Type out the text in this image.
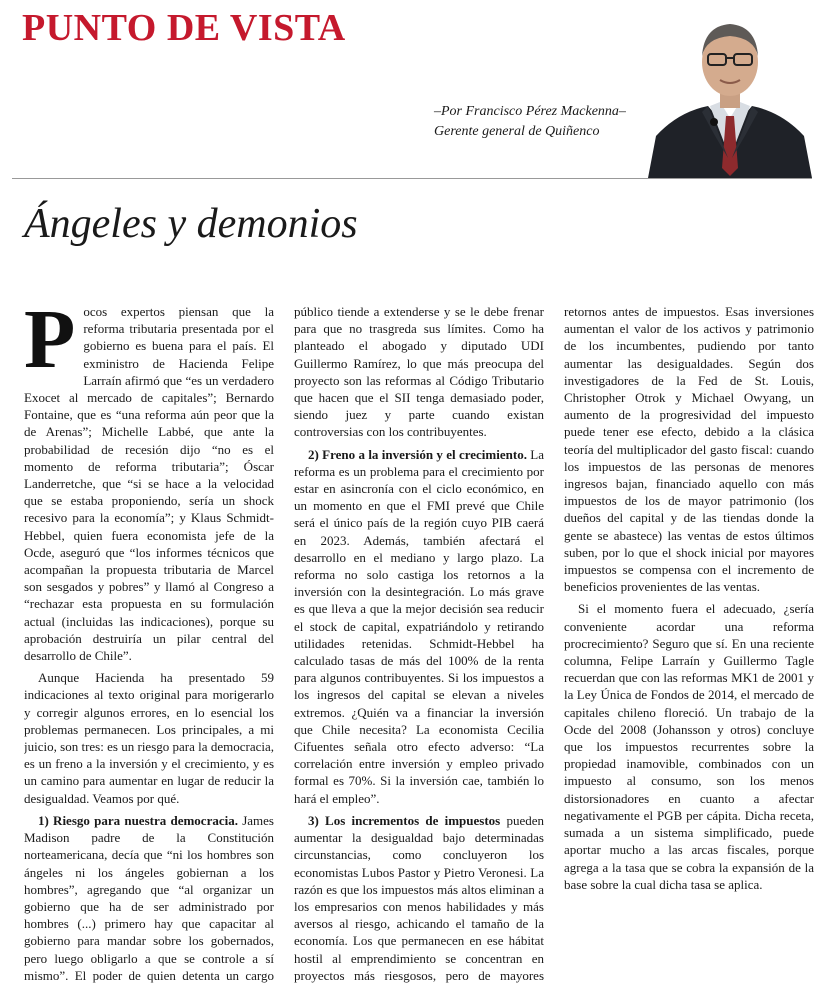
PUNTO DE VISTA
–Por Francisco Pérez Mackenna–
Gerente general de Quiñenco
Ángeles y demonios

Pocos expertos piensan que la reforma tributaria presentada por el gobierno es buena para el país. El exministro de Hacienda Felipe Larraín afirmó que “es un verdadero Exocet al mercado de capitales”; Bernardo Fontaine, que es “una reforma aún peor que la de Arenas”; Michelle Labbé, que ante la probabilidad de recesión dijo “no es el momento de reforma tributaria”; Óscar Landerretche, que “si se hace a la velocidad que se estaba proponiendo, sería un shock recesivo para la economía”; y Klaus Schmidt-Hebbel, quien fuera economista jefe de la Ocde, aseguró que “los informes técnicos que acompañan la propuesta tributaria de Marcel son sesgados y pobres” y llamó al Congreso a “rechazar esta propuesta en su formulación actual (incluidas las indicaciones), porque su aprobación destruiría un pilar central del desarrollo de Chile”.

Aunque Hacienda ha presentado 59 indicaciones al texto original para morigerarlo y corregir algunos errores, en lo esencial los problemas permanecen. Los principales, a mi juicio, son tres: es un riesgo para la democracia, es un freno a la inversión y el crecimiento, y es un camino para aumentar en lugar de reducir la desigualdad. Veamos por qué.

1) Riesgo para nuestra democracia. James Madison padre de la Constitución norteamericana, decía que “ni los hombres son ángeles ni los ángeles gobiernan a los hombres”, agregando que “al organizar un gobierno que ha de ser administrado por hombres (...) primero hay que capacitar al gobierno para mandar sobre los gobernados, pero luego obligarlo a que se controle a sí mismo”. El poder de quien detenta un cargo público tiende a extenderse y se le debe frenar para que no trasgreda sus límites. Como ha planteado el abogado y diputado UDI Guillermo Ramírez, lo que más preocupa del proyecto son las reformas al Código Tributario que hacen que el SII tenga demasiado poder, siendo juez y parte cuando existan controversias con los contribuyentes.

2) Freno a la inversión y el crecimiento. La reforma es un problema para el crecimiento por estar en asincronía con el ciclo económico, en un momento en que el FMI prevé que Chile será el único país de la región cuyo PIB caerá en 2023. Además, también afectará el desarrollo en el mediano y largo plazo. La reforma no solo castiga los retornos a la inversión con la desintegración. Lo más grave es que lleva a que la mejor decisión sea reducir el stock de capital, expatriándolo y retirando utilidades retenidas. Schmidt-Hebbel ha calculado tasas de más del 100% de la renta para algunos contribuyentes. Si los impuestos a los ingresos del capital se elevan a niveles extremos. ¿Quién va a financiar la inversión que Chile necesita? La economista Cecilia Cifuentes señala otro efecto adverso: “La correlación entre inversión y empleo privado formal es 70%. Si la inversión cae, también lo hará el empleo”.

3) Los incrementos de impuestos pueden aumentar la desigualdad bajo determinadas circunstancias, como concluyeron los economistas Lubos Pastor y Pietro Veronesi. La razón es que los impuestos más altos eliminan a los empresarios con menos habilidades y más aversos al riesgo, achicando el tamaño de la economía. Los que permanecen en ese hábitat hostil al emprendimiento se concentran en proyectos más riesgosos, pero de mayores retornos antes de impuestos. Esas inversiones aumentan el valor de los activos y patrimonio de los incumbentes, pudiendo por tanto aumentar las desigualdades. Según dos investigadores de la Fed de St. Louis, Christopher Otrok y Michael Owyang, un aumento de la progresividad del impuesto puede tener ese efecto, debido a la clásica teoría del multiplicador del gasto fiscal: cuando los impuestos de las personas de menores ingresos bajan, financiado aquello con más impuestos de los de mayor patrimonio (los dueños del capital y de las tiendas donde la gente se abastece) las ventas de estos últimos suben, por lo que el shock inicial por mayores impuestos se compensa con el incremento de beneficios provenientes de las ventas.

Si el momento fuera el adecuado, ¿sería conveniente acordar una reforma procrecimiento? Seguro que sí. En una reciente columna, Felipe Larraín y Guillermo Tagle recuerdan que con las reformas MK1 de 2001 y la Ley Única de Fondos de 2014, el mercado de capitales chileno floreció. Un trabajo de la Ocde del 2008 (Johansson y otros) concluye que los impuestos recurrentes sobre la propiedad inamovible, combinados con un impuesto al consumo, son los menos distorsionadores en cuanto a afectar negativamente el PGB per cápita. Dicha receta, sumada a un sistema simplificado, puede aportar mucho a las arcas fiscales, porque agrega a la tasa que se cobra la expansión de la base sobre la cual dicha tasa se aplica.
